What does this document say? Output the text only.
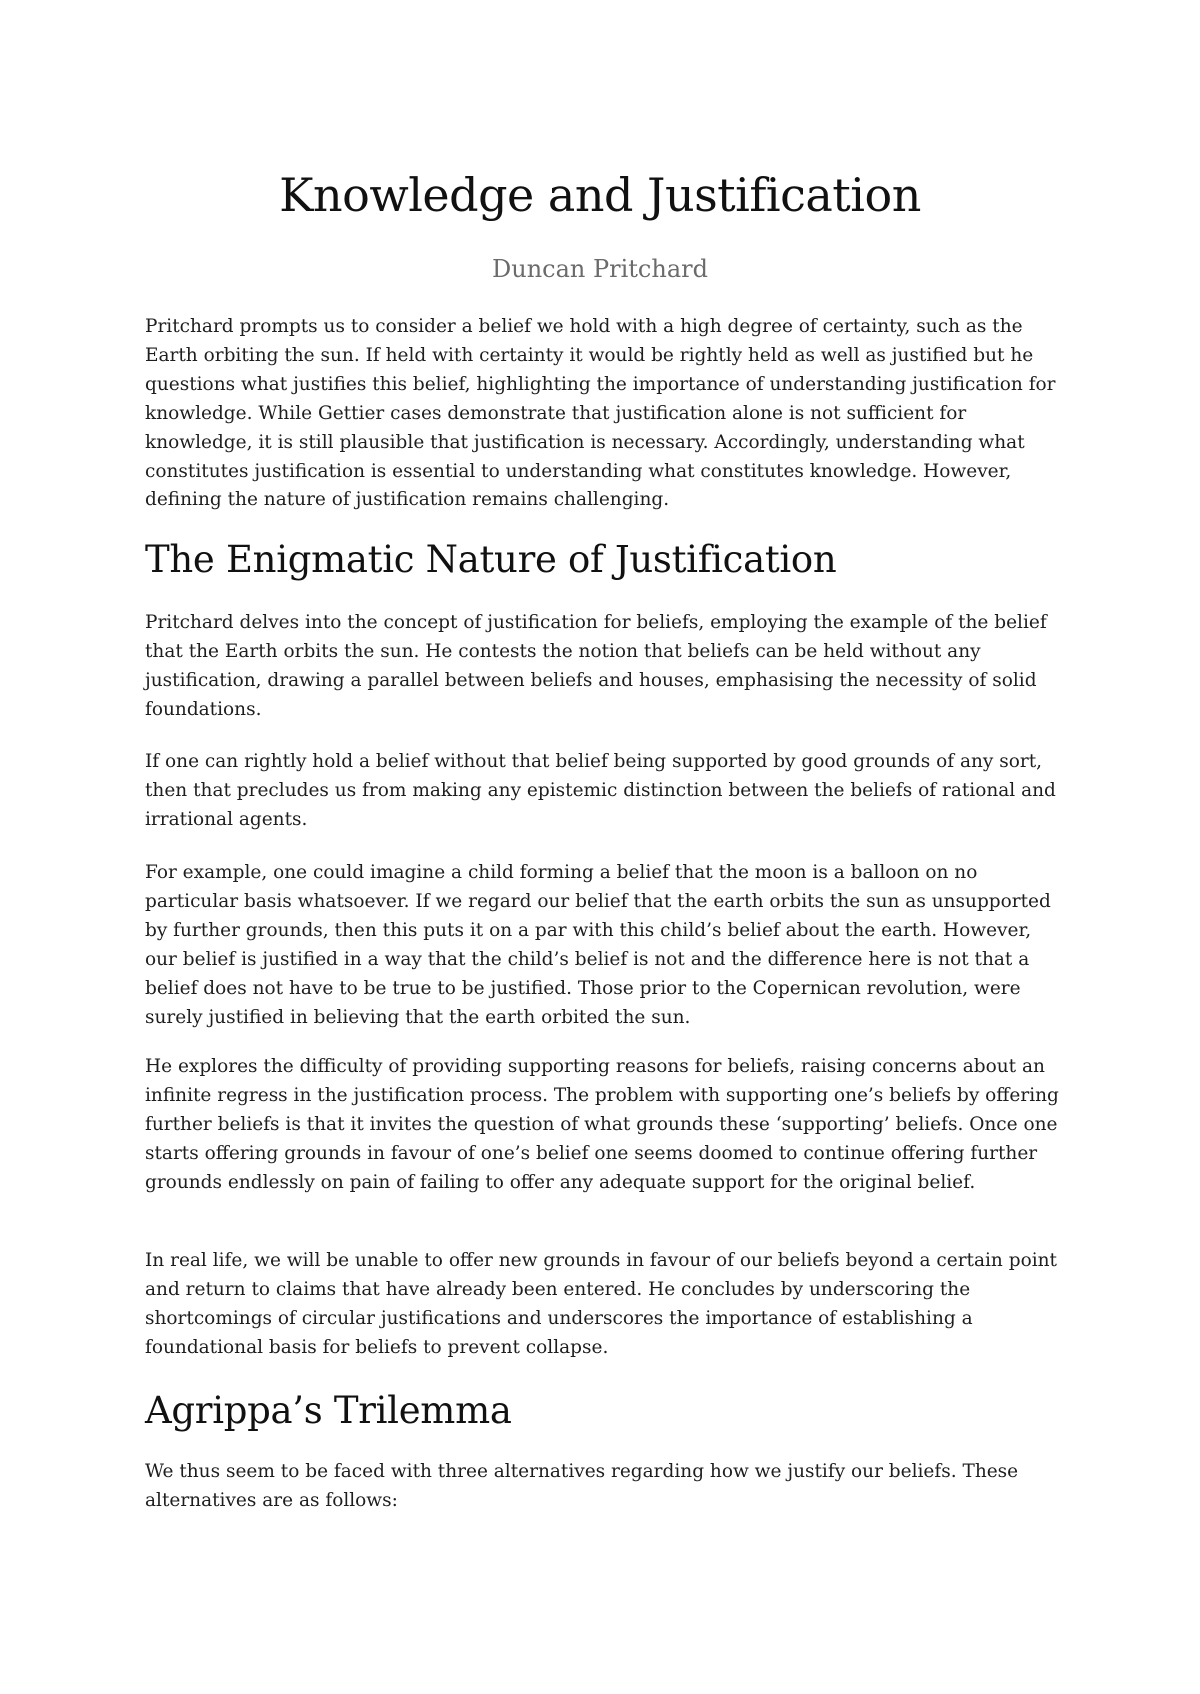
Knowledge and Justification
Duncan Pritchard

Pritchard prompts us to consider a belief we hold with a high degree of certainty, such as the Earth orbiting the sun. If held with certainty it would be rightly held as well as justified but he questions what justifies this belief, highlighting the importance of understanding justification for knowledge. While Gettier cases demonstrate that justification alone is not sufficient for knowledge, it is still plausible that justification is necessary. Accordingly, understanding what constitutes justification is essential to understanding what constitutes knowledge. However, defining the nature of justification remains challenging.

The Enigmatic Nature of Justification

Pritchard delves into the concept of justification for beliefs, employing the example of the belief that the Earth orbits the sun. He contests the notion that beliefs can be held without any justification, drawing a parallel between beliefs and houses, emphasising the necessity of solid foundations.

If one can rightly hold a belief without that belief being supported by good grounds of any sort, then that precludes us from making any epistemic distinction between the beliefs of rational and irrational agents.

For example, one could imagine a child forming a belief that the moon is a balloon on no particular basis whatsoever. If we regard our belief that the earth orbits the sun as unsupported by further grounds, then this puts it on a par with this child’s belief about the earth. However, our belief is justified in a way that the child’s belief is not and the difference here is not that a belief does not have to be true to be justified. Those prior to the Copernican revolution, were surely justified in believing that the earth orbited the sun.

He explores the difficulty of providing supporting reasons for beliefs, raising concerns about an infinite regress in the justification process. The problem with supporting one’s beliefs by offering further beliefs is that it invites the question of what grounds these ‘supporting’ beliefs. Once one starts offering grounds in favour of one’s belief one seems doomed to continue offering further grounds endlessly on pain of failing to offer any adequate support for the original belief.

In real life, we will be unable to offer new grounds in favour of our beliefs beyond a certain point and return to claims that have already been entered. He concludes by underscoring the shortcomings of circular justifications and underscores the importance of establishing a foundational basis for beliefs to prevent collapse.

Agrippa’s Trilemma

We thus seem to be faced with three alternatives regarding how we justify our beliefs. These alternatives are as follows:
